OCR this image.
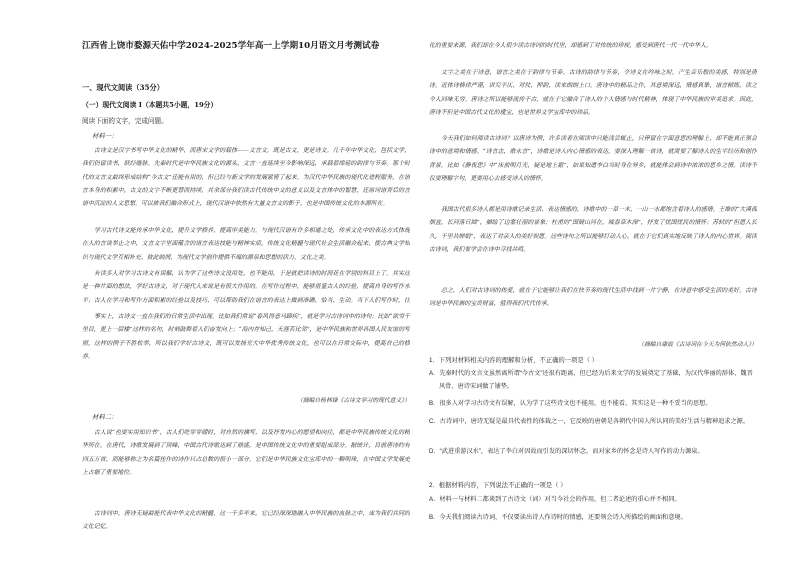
江西省上饶市婺源天佑中学2024-2025学年高一上学期10月语文月考测试卷
一、现代文阅读（35分）
（一）现代文阅读 I（本题共5小题，19分）
阅读下面的文字，完成问题。
材料一：

古诗文是汉字书写中华文化的精华，而唐宋文学的载体——文言文。既是古文，更是诗文。几千年中华文化，包括文学，我们仍留读书，联经继脉。先秦时代是中华民族文化的源头，文言一直延续至今影响深远，承载着绵延的韵律与节奏。那个时代的文言文最终形成结构“今古文”还能有用的，但已经与新文学的发展紧密了起来。为汉代中华民族的现代化进程服务，在语言本身的积累中，古文的文字不断更替而持续，其余部分我们读古代传统中文的意义以及文言体中的智慧，还原词语背后的言语中沉淀的人文思想。可以被我们融合形式上，现代汉语中依然有大量文言文的影子，也是中国传统文化的本源所在。

学习古代诗文能传承中华文化，提升文学修养，提高审美能力。与现代汉语有许多相通之处，传承文化中的表达方式体现在人的言谈举止之中，文言文字里面蕴含的语言表达技能与精神实质，传统文化精髓与现代社会生活融合起来，使古典文学知识与现代文学互相补充、彼此映照，为现代文学创作提供不竭的源泉和思想的活力，文化之美。

有读多人对学习古诗文有误解，认为学了这些诗文没用处，也不能用，于是就把读诗的时间花在学别的科目上了。其实这是一种片面的想法，学好古诗文，对于现代人来说是有很大作用的。在写作过程中，能够借鉴古人的经验，提高自身的写作水平；古人在学习和写作方面积累的经验以及技巧，可以帮助我们在语言的表达上做到准确、恰当、生动。当下人们写作时，往

事实上，古诗文一直在我们的日常生活中出现。比如我们常说“春风得意马蹄疾”，就是学习古诗词中的诗句；比如“欲穷千里目，更上一层楼”这样的名句，时刻鼓舞着人们奋发向上；“海内存知己，天涯若比邻”，是中华民族和世界各国人民友谊的写照，这样的例子不胜枚举，所以我们学好古诗文，既可以发扬光大中华优秀传统文化，也可以在日常交际中，提高自己的修养。

（摘编自杨林锋《古诗文学习的现代意义》）
材料二：

古人说“也要实用知识书”，古人们吃穿穿暖时，对自然的描写，以及抒发内心的愿望和向往，都是中华民族传统文化的精华所在。在唐代，诗歌发展到了顶峰，中国古代诗歌达到了鼎盛，是中国传统文化中的重要组成部分。据统计，目前唐诗约有四五万首，而能够称之为名篇佳作的诗作只占总数的很小一部分。它们是中华民族文化宝库中的一颗明珠，在中国文学发展史上占据了重要地位。

古诗词中，唐诗无疑最能代表中华文化的精髓，这一千多年来，它已经深深地融入中华民族的血脉之中，成为我们共同的文化记忆。

化的重要来源，我们却在今人很少读古诗词的时代里，却感到了对传统的珍视，感受到唐代一代一代中华人。

文字之美在于诗意，语言之美在于韵律与节奏。古诗的韵律与节奏，令诗文在吟咏之时，产生音乐般的美感，特别是唐诗，近体诗格律严谨，讲究平仄、对仗、押韵，读来朗朗上口。唐诗中的精品之作，其意境深远，情感真挚，语言精练，读之令人回味无穷。唐诗之所以能够流传千古，就在于它融合了诗人的个人情感与时代精神，体现了中华民族的审美追求。因此，唐诗不但是中国古代文化的瑰宝，也是世界文学宝库中的珍品。

今天我们如何阅读古诗词？以唐诗为例，许多读者在阅读中只能浅尝辄止，只停留在字面意思的理解上，却不能真正领会诗中的意境和情感。“诗言志，歌永言”，诗歌是诗人内心情感的表达，要深入理解一首诗，就需要了解诗人的生平经历和创作背景。比如《静夜思》中“床前明月光，疑是地上霜”，如果知道李白当时身在异乡，就能体会到诗中浓浓的思乡之情。读诗不仅要理解字句，更要用心去感受诗人的情怀。

我国古代很多诗人都是用诗歌记录生活、表达情感的，诗歌中的一草一木、一山一水都饱含着诗人的感情。王维的“大漠孤烟直，长河落日圆”，描绘了边塞壮丽的景象；杜甫的“国破山河在，城春草木深”，抒发了忧国忧民的情怀；苏轼的“但愿人长久，千里共婵娟”，表达了对亲人的美好祝愿。这些诗句之所以能够打动人心，就在于它们真实地反映了诗人的内心世界。阅读古诗词，我们要学会在诗中寻找共鸣。

总之，人们对古诗词的热爱，就在于它能够让我们在快节奏的现代生活中找到一片宁静，在诗意中感受生活的美好。古诗词是中华民族的宝贵财富，值得我们代代传承。

（摘编自康震《古诗词在今天为何依然动人》）
1．下列对材料相关内容的理解和分析，不正确的一项是（ ）
A．先秦时代的文言文虽然离所谓“今古文”还很有距离，但已经为后来文学的发展奠定了基础，为汉代华丽的辞体、魏晋风骨、唐诗宋词做了铺垫。
B．很多人对学习古诗文有误解，认为学了这些诗文也不能用，也不能看，其实这是一种不妥当的思想。
C．古诗词中，唐诗无疑是最具代表性的体裁之一，它反映的唐朝是各朝代中国人所认同的美好生活与精神追求之源。
D．“武进重游汉水”，表达了李白对因故而引发的深切怀念，而对家乡的怀念是诗人写作的动力源泉。
2．根据材料内容，下列说法不正确的一项是（ ）
A．材料一与材料二都谈到了古诗文（词）对当今社会的作用，但二者论述的重心并不相同。
B．今天我们阅读古诗词，不仅要读出诗人作诗时的情感，还要领会诗人所描绘的画面和意境。
